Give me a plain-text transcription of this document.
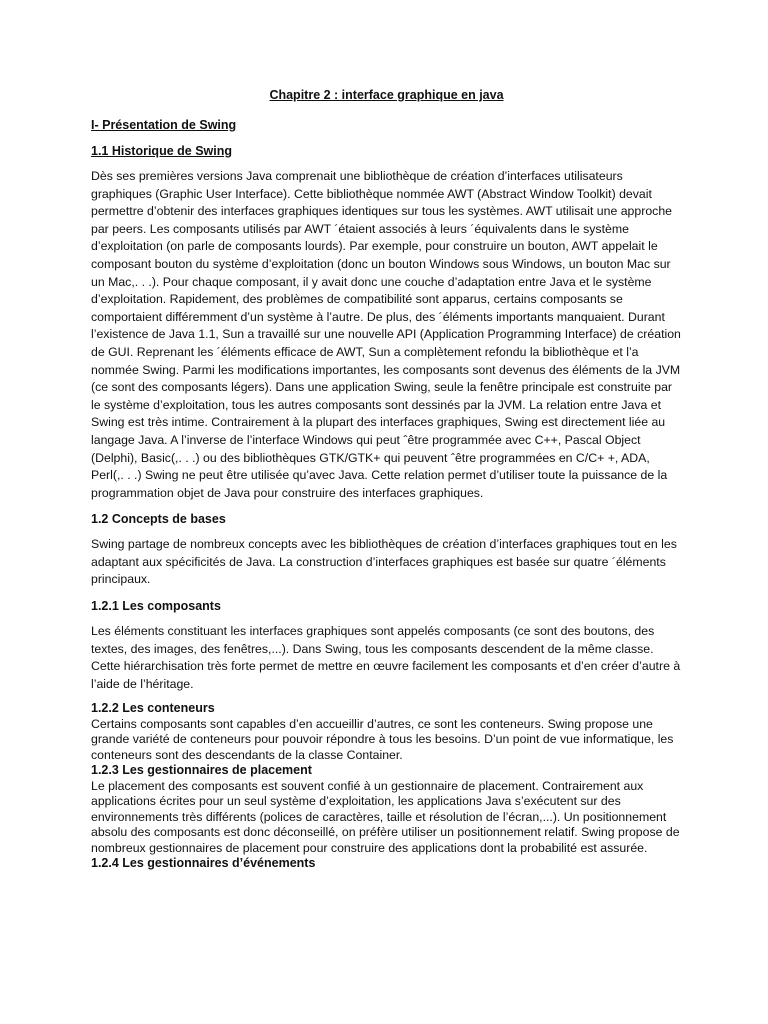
Chapitre 2 : interface graphique en java
I- Présentation de Swing
1.1 Historique de Swing
Dès ses premières versions Java comprenait une bibliothèque de création d’interfaces utilisateurs graphiques (Graphic User Interface). Cette bibliothèque nommée AWT (Abstract Window Toolkit) devait permettre d’obtenir des interfaces graphiques identiques sur tous les systèmes. AWT utilisait une approche par peers. Les composants utilisés par AWT ´étaient associés à leurs ´équivalents dans le système d’exploitation (on parle de composants lourds). Par exemple, pour construire un bouton, AWT appelait le composant bouton du système d’exploitation (donc un bouton Windows sous Windows, un bouton Mac sur un Mac,. . .). Pour chaque composant, il y avait donc une couche d’adaptation entre Java et le système d’exploitation. Rapidement, des problèmes de compatibilité sont apparus, certains composants se comportaient différemment d’un système à l’autre. De plus, des ´éléments importants manquaient. Durant l’existence de Java 1.1, Sun a travaillé sur une nouvelle API (Application Programming Interface) de création de GUI. Reprenant les ´éléments efficace de AWT, Sun a complètement refondu la bibliothèque et l’a nommée Swing. Parmi les modifications importantes, les composants sont devenus des éléments de la JVM (ce sont des composants légers). Dans une application Swing, seule la fenêtre principale est construite par le système d’exploitation, tous les autres composants sont dessinés par la JVM. La relation entre Java et Swing est très intime. Contrairement à la plupart des interfaces graphiques, Swing est directement liée au langage Java. A l’inverse de l’interface Windows qui peut ˆêtre programmée avec C++, Pascal Object (Delphi), Basic(,. . .) ou des bibliothèques GTK/GTK+ qui peuvent ˆêtre programmées en C/C+ +, ADA, Perl(,. . .) Swing ne peut être utilisée qu’avec Java. Cette relation permet d’utiliser toute la puissance de la programmation objet de Java pour construire des interfaces graphiques.
1.2 Concepts de bases
Swing partage de nombreux concepts avec les bibliothèques de création d’interfaces graphiques tout en les adaptant aux spécificités de Java. La construction d’interfaces graphiques est basée sur quatre ´éléments principaux.
1.2.1 Les composants
Les éléments constituant les interfaces graphiques sont appelés composants (ce sont des boutons, des textes, des images, des fenêtres,...). Dans Swing, tous les composants descendent de la même classe. Cette hiérarchisation très forte permet de mettre en œuvre facilement les composants et d’en créer d’autre à l’aide de l’héritage.
1.2.2 Les conteneurs
Certains composants sont capables d’en accueillir d’autres, ce sont les conteneurs. Swing propose une grande variété de conteneurs pour pouvoir répondre à tous les besoins. D’un point de vue informatique, les conteneurs sont des descendants de la classe Container.
1.2.3 Les gestionnaires de placement
Le placement des composants est souvent confié à un gestionnaire de placement. Contrairement aux applications écrites pour un seul système d’exploitation, les applications Java s’exécutent sur des environnements très différents (polices de caractères, taille et résolution de l’écran,...). Un positionnement absolu des composants est donc déconseillé, on préfère utiliser un positionnement relatif. Swing propose de nombreux gestionnaires de placement pour construire des applications dont la probabilité est assurée.
1.2.4 Les gestionnaires d’événements
